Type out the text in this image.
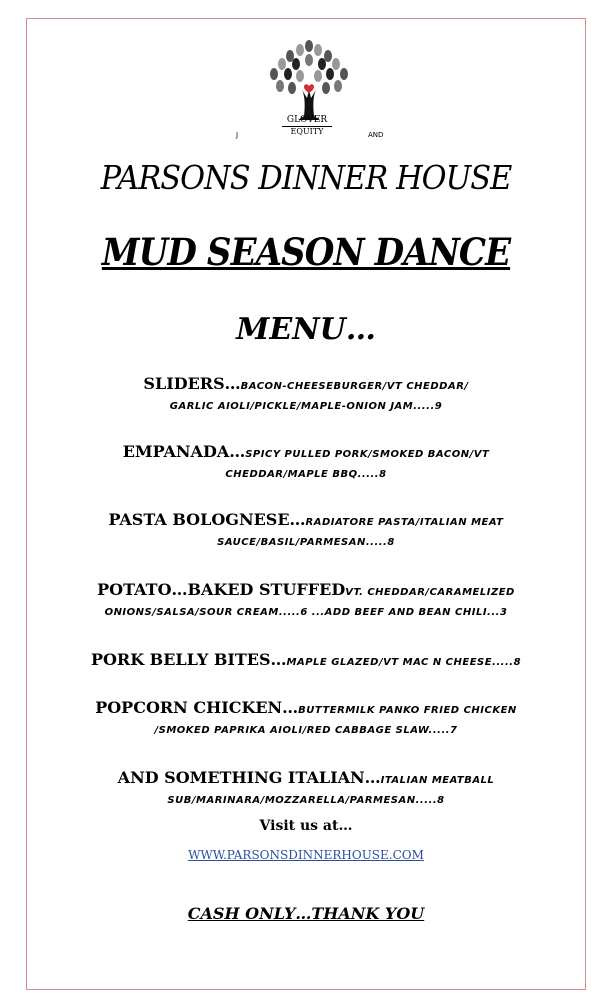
GLOVER
EQUITY
J	AND
PARSONS DINNER HOUSE
MUD SEASON DANCE
MENU…
SLIDERS…BACON-CHEESEBURGER/VT CHEDDAR/
GARLIC AIOLI/PICKLE/MAPLE-ONION JAM.....9
EMPANADA…SPICY PULLED PORK/SMOKED BACON/VT
CHEDDAR/MAPLE BBQ.....8
PASTA BOLOGNESE…RADIATORE PASTA/ITALIAN MEAT
SAUCE/BASIL/PARMESAN.....8
POTATO…BAKED STUFFEDVT. CHEDDAR/CARAMELIZED
ONIONS/SALSA/SOUR CREAM.....6 ...ADD BEEF AND BEAN CHILI...3
PORK BELLY BITES…MAPLE GLAZED/VT MAC N CHEESE.....8
POPCORN CHICKEN…BUTTERMILK PANKO FRIED CHICKEN
/SMOKED PAPRIKA AIOLI/RED CABBAGE SLAW.....7
AND SOMETHING ITALIAN…ITALIAN MEATBALL
SUB/MARINARA/MOZZARELLA/PARMESAN.....8
Visit us at…
WWW.PARSONSDINNERHOUSE.COM
CASH ONLY…THANK YOU
